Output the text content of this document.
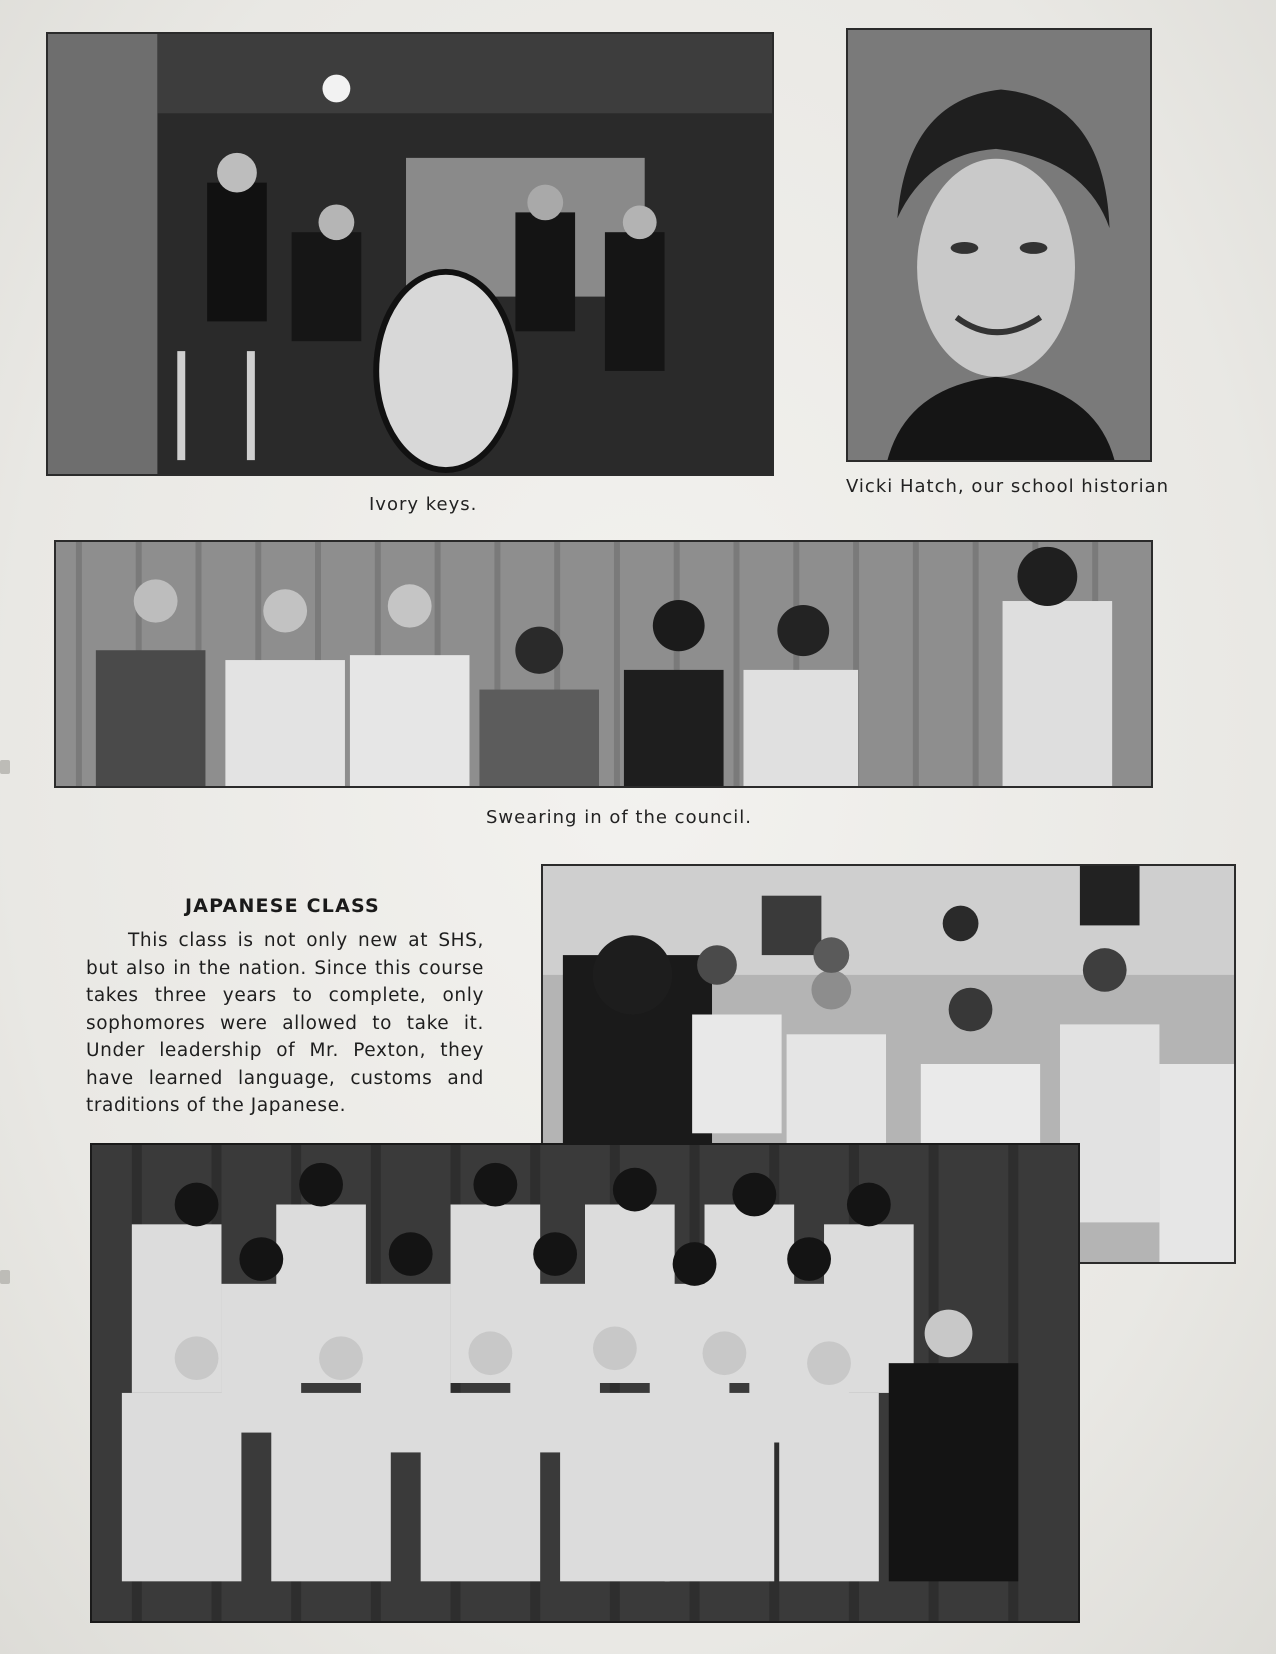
Ivory keys.
Vicki Hatch, our school historian
Swearing in of the council.
JAPANESE CLASS
This class is not only new at SHS, but also in the nation. Since this course takes three years to complete, only sophomores were allowed to take it. Under leadership of Mr. Pexton, they have learned language, customs and traditions of the Japanese.
